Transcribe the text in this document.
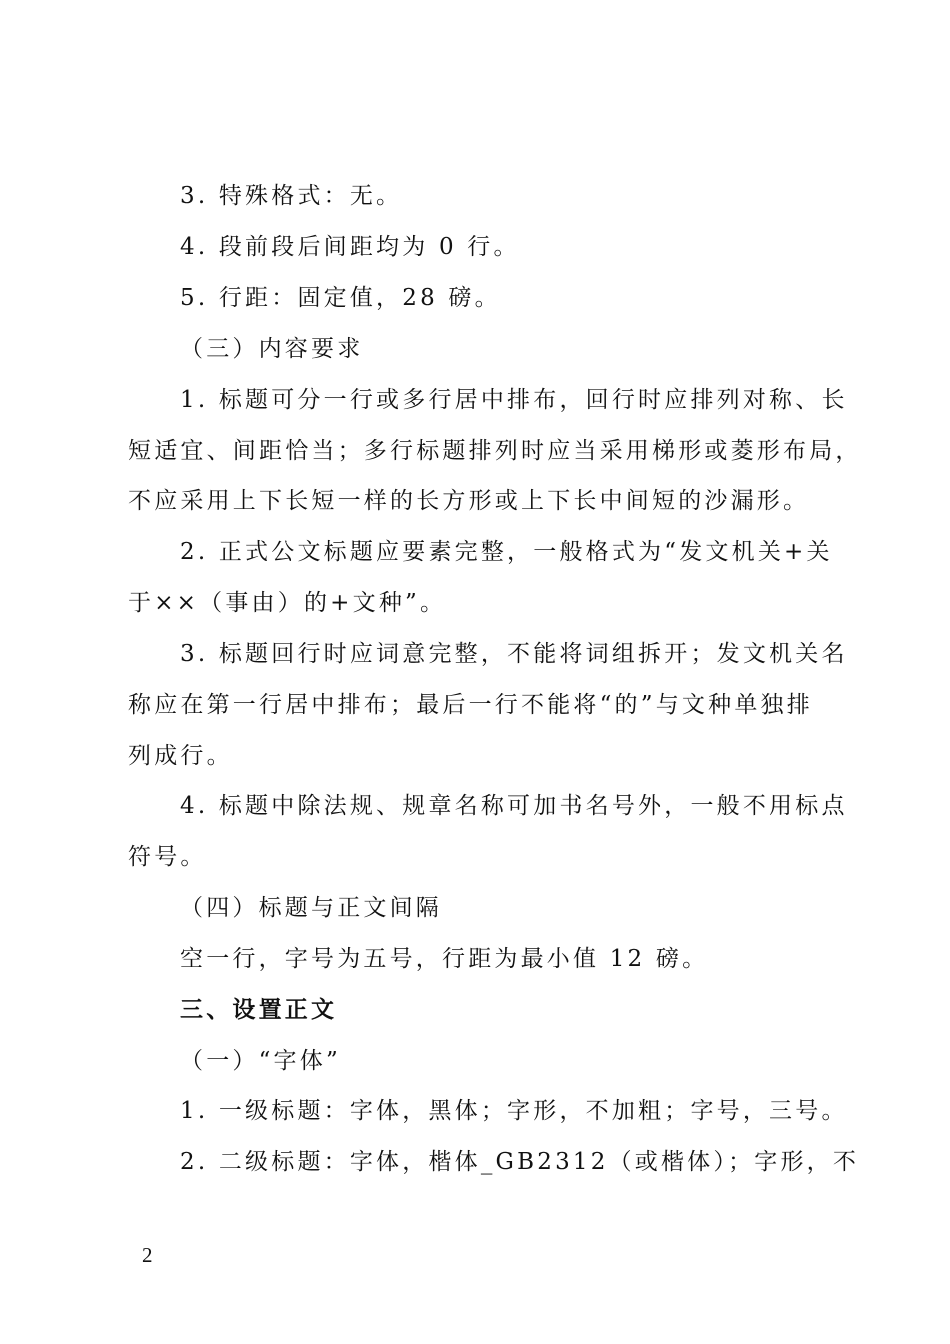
3. 特殊格式：无。
4. 段前段后间距均为 0 行。
5. 行距：固定值，28 磅。
（三）内容要求
1. 标题可分一行或多行居中排布，回行时应排列对称、长
短适宜、间距恰当；多行标题排列时应当采用梯形或菱形布局，
不应采用上下长短一样的长方形或上下长中间短的沙漏形。
2. 正式公文标题应要素完整，一般格式为“发文机关+关
于××（事由）的+文种”。
3. 标题回行时应词意完整，不能将词组拆开；发文机关名
称应在第一行居中排布；最后一行不能将“的”与文种单独排
列成行。
4. 标题中除法规、规章名称可加书名号外，一般不用标点
符号。
（四）标题与正文间隔
空一行，字号为五号，行距为最小值 12 磅。
三、设置正文
（一）“字体”
1. 一级标题：字体，黑体；字形，不加粗；字号，三号。
2. 二级标题：字体，楷体_GB2312（或楷体）；字形，不
2
